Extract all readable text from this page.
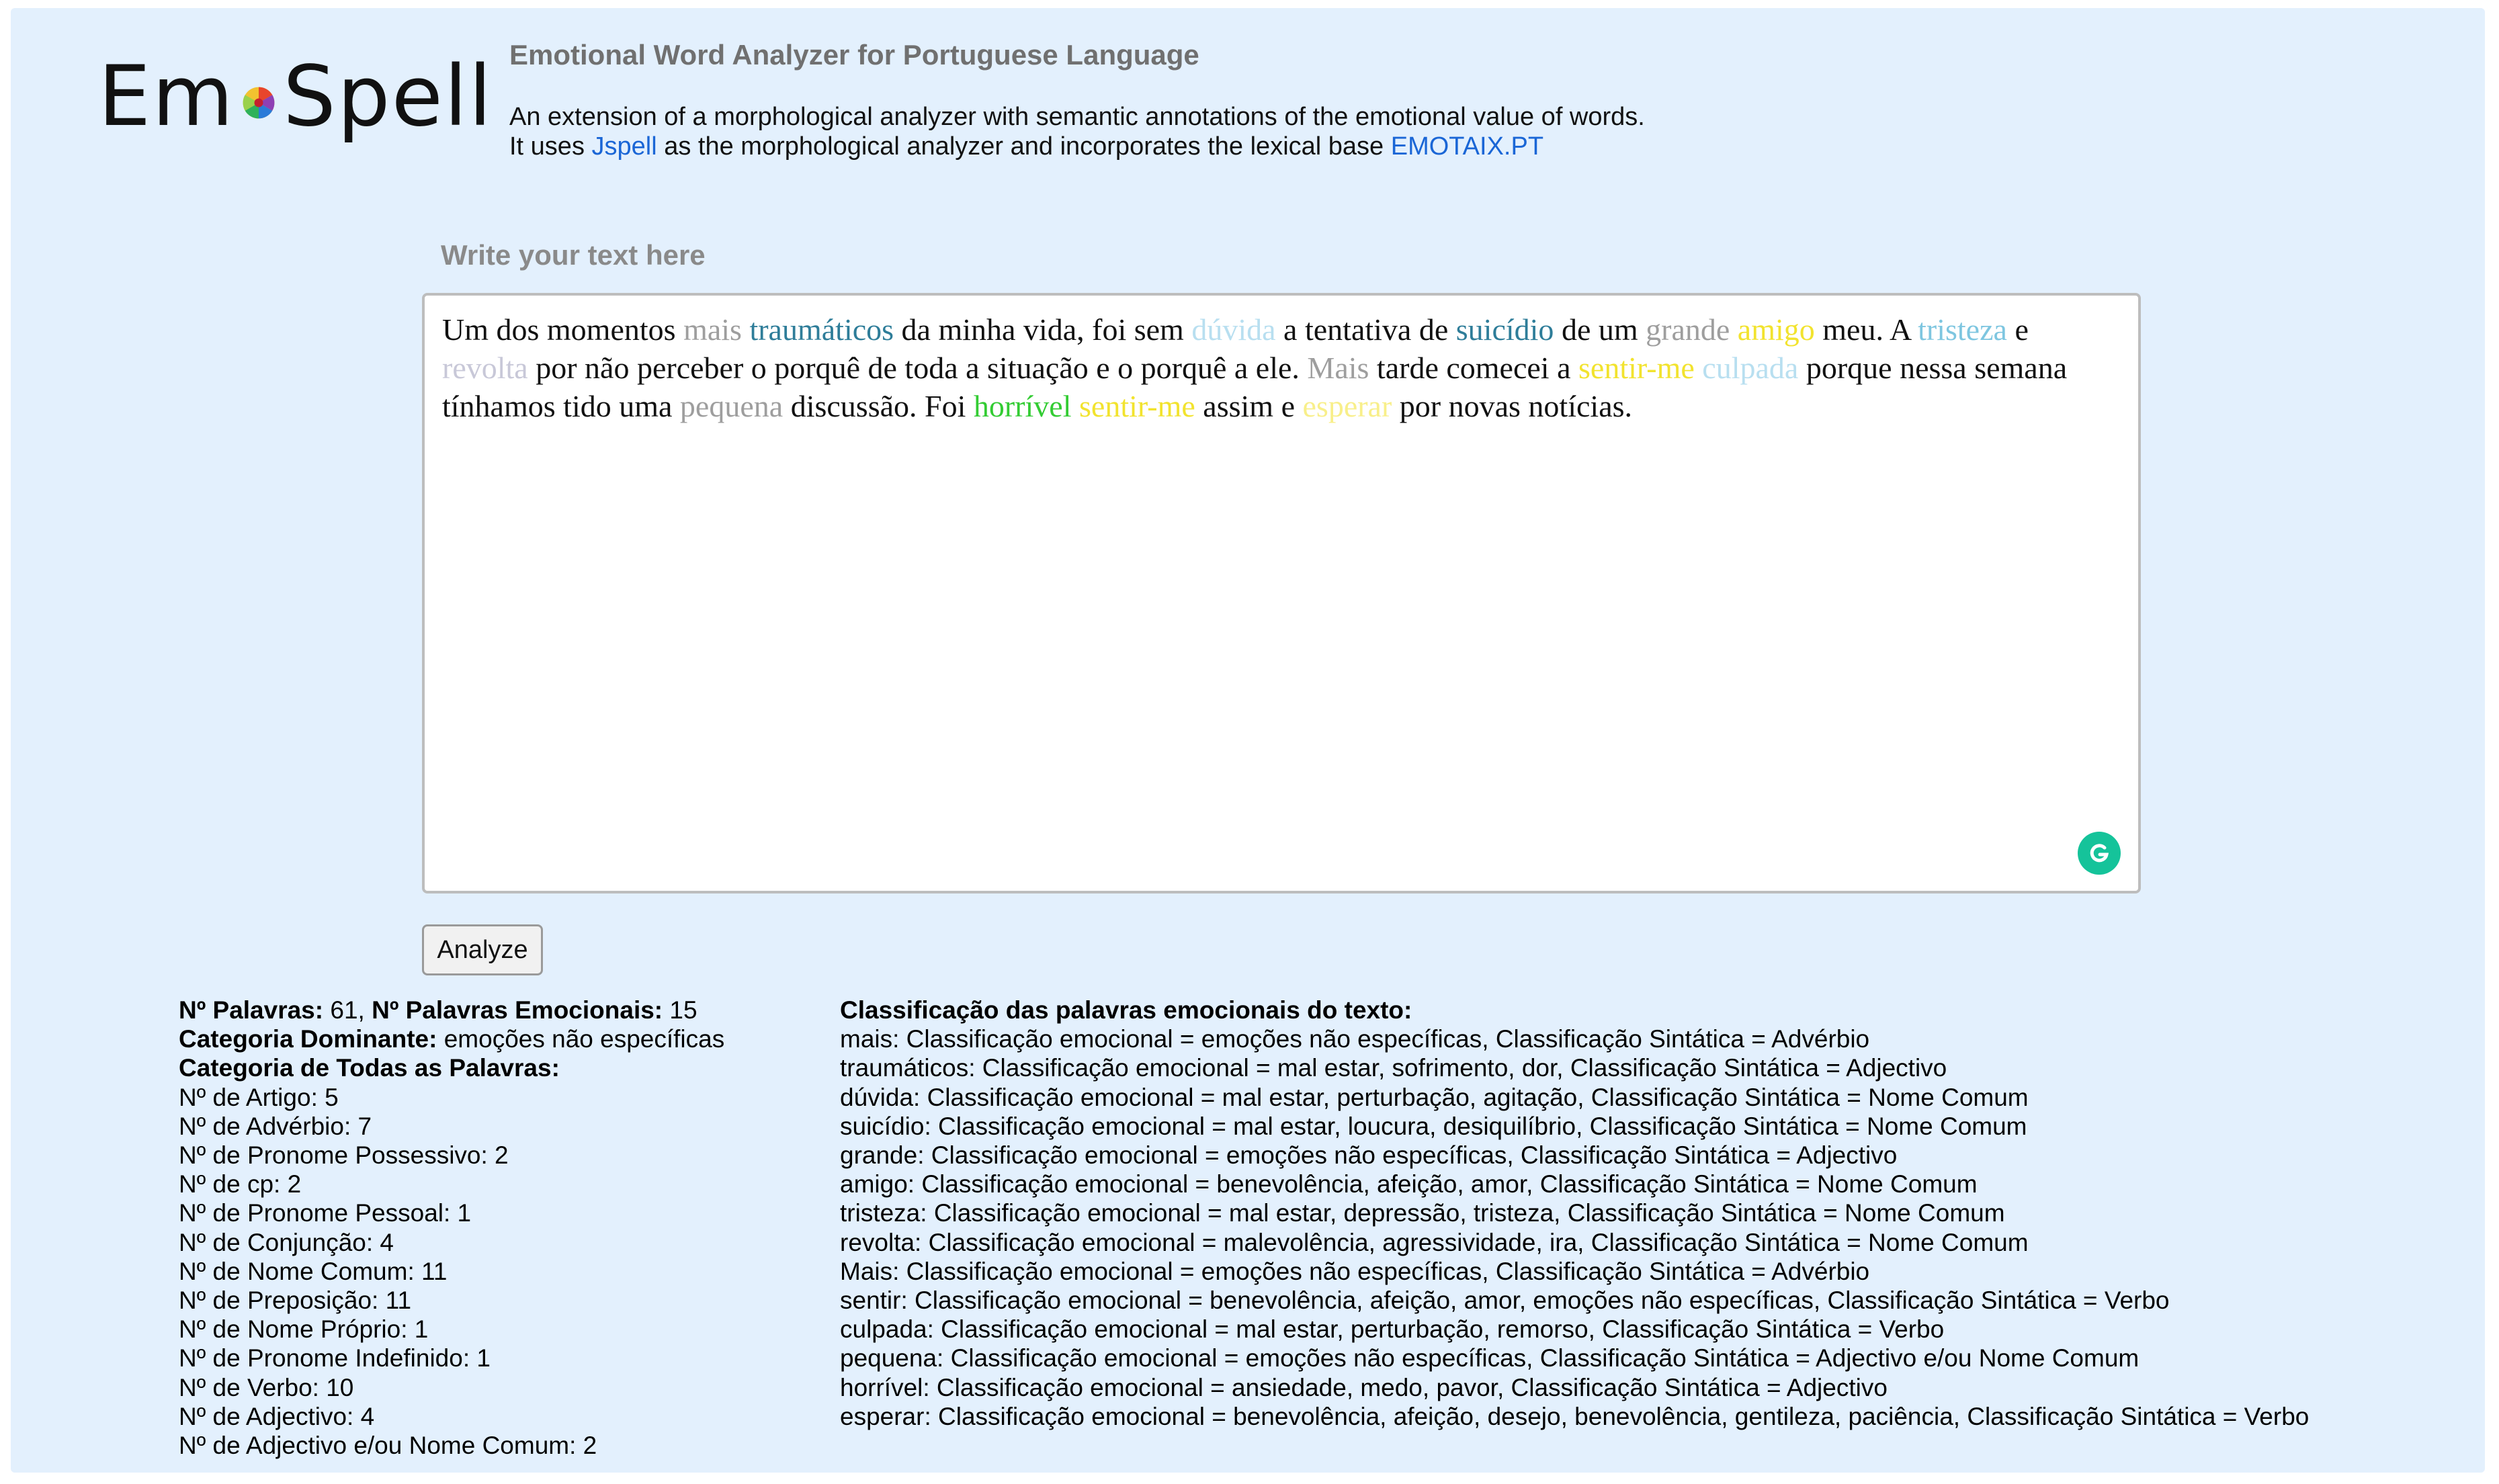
Em Spell Emotional Word Analyzer for Portuguese Language
An extension of a morphological analyzer with semantic annotations of the emotional value of words.
It uses Jspell as the morphological analyzer and incorporates the lexical base EMOTAIX.PT
Write your text here
Um dos momentos mais traumáticos da minha vida, foi sem dúvida a tentativa de suicídio de um grande amigo meu. A tristeza e revolta por não perceber o porquê de toda a situação e o porquê a ele. Mais tarde comecei a sentir-me culpada porque nessa semana tínhamos tido uma pequena discussão. Foi horrível sentir-me assim e esperar por novas notícias.
Analyze
Nº Palavras: 61, Nº Palavras Emocionais: 15
Categoria Dominante: emoções não específicas
Categoria de Todas as Palavras:
Nº de Artigo: 5
Nº de Advérbio: 7
Nº de Pronome Possessivo: 2
Nº de cp: 2
Nº de Pronome Pessoal: 1
Nº de Conjunção: 4
Nº de Nome Comum: 11
Nº de Preposição: 11
Nº de Nome Próprio: 1
Nº de Pronome Indefinido: 1
Nº de Verbo: 10
Nº de Adjectivo: 4
Nº de Adjectivo e/ou Nome Comum: 2
Classificação das palavras emocionais do texto:
mais: Classificação emocional = emoções não específicas, Classificação Sintática = Advérbio
traumáticos: Classificação emocional = mal estar, sofrimento, dor, Classificação Sintática = Adjectivo
dúvida: Classificação emocional = mal estar, perturbação, agitação, Classificação Sintática = Nome Comum
suicídio: Classificação emocional = mal estar, loucura, desiquilíbrio, Classificação Sintática = Nome Comum
grande: Classificação emocional = emoções não específicas, Classificação Sintática = Adjectivo
amigo: Classificação emocional = benevolência, afeição, amor, Classificação Sintática = Nome Comum
tristeza: Classificação emocional = mal estar, depressão, tristeza, Classificação Sintática = Nome Comum
revolta: Classificação emocional = malevolência, agressividade, ira, Classificação Sintática = Nome Comum
Mais: Classificação emocional = emoções não específicas, Classificação Sintática = Advérbio
sentir: Classificação emocional = benevolência, afeição, amor, emoções não específicas, Classificação Sintática = Verbo
culpada: Classificação emocional = mal estar, perturbação, remorso, Classificação Sintática = Verbo
pequena: Classificação emocional = emoções não específicas, Classificação Sintática = Adjectivo e/ou Nome Comum
horrível: Classificação emocional = ansiedade, medo, pavor, Classificação Sintática = Adjectivo
esperar: Classificação emocional = benevolência, afeição, desejo, benevolência, gentileza, paciência, Classificação Sintática = Verbo
